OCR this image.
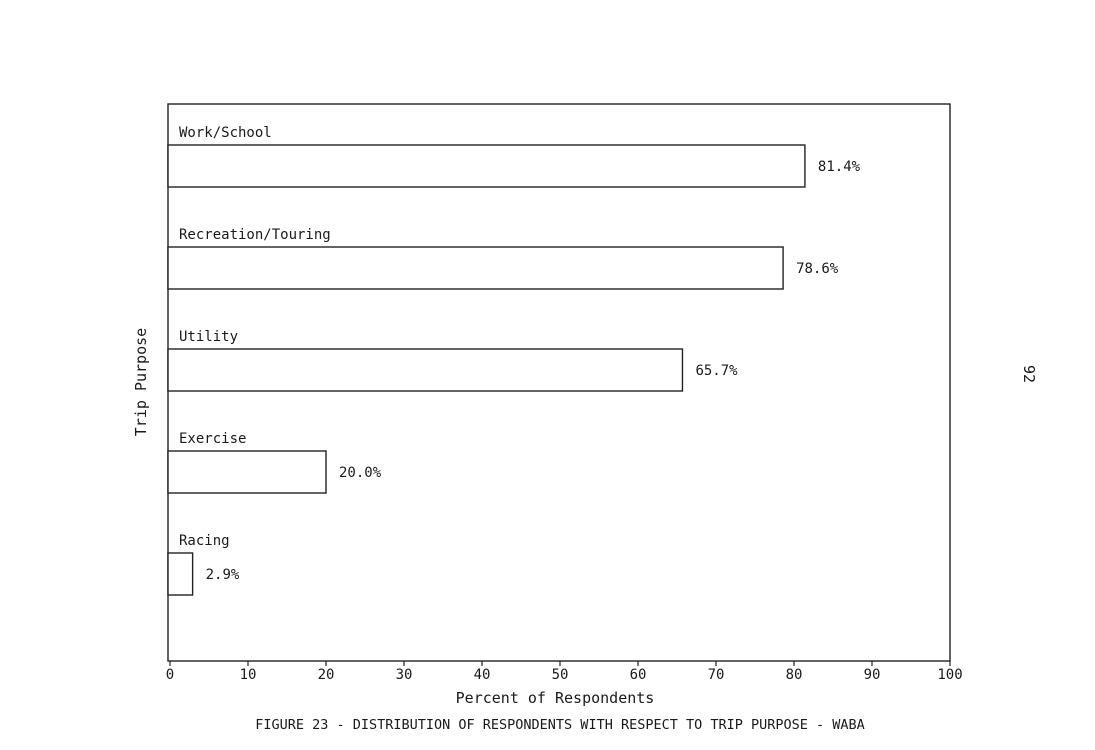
Work/School
81.4%
Recreation/Touring
78.6%
Utility
65.7%
Exercise
20.0%
Racing
2.9%
0	10	20	30	40	50	60	70	80	90	100
Percent of Respondents
Trip Purpose
FIGURE 23 - DISTRIBUTION OF RESPONDENTS WITH RESPECT TO TRIP PURPOSE - WABA
92
